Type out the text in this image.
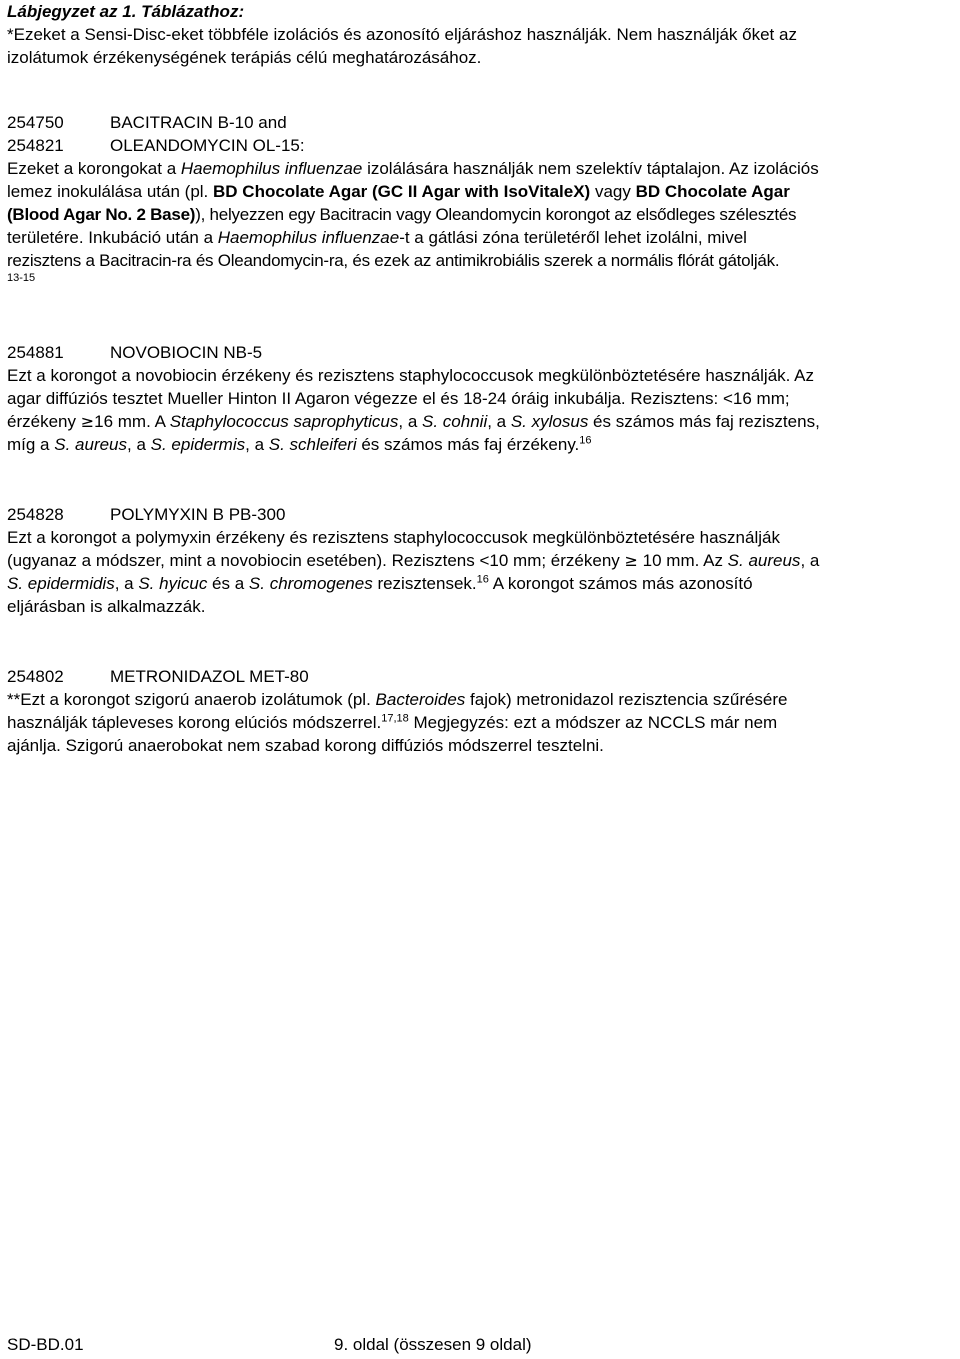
Lábjegyzet az 1. Táblázathoz:
*Ezeket a Sensi-Disc-eket többféle izolációs és azonosító eljáráshoz használják. Nem használják őket az
izolátumok érzékenységének terápiás célú meghatározásához.
254750	BACITRACIN B-10 and
254821	OLEANDOMYCIN OL-15:
Ezeket a korongokat a Haemophilus influenzae izolálására használják nem szelektív táptalajon. Az izolációs
lemez inokulálása után (pl. BD Chocolate Agar (GC II Agar with IsoVitaleX) vagy BD Chocolate Agar
(Blood Agar No. 2 Base)), helyezzen egy Bacitracin vagy Oleandomycin korongot az elsődleges szélesztés
területére. Inkubáció után a Haemophilus influenzae-t a gátlási zóna területéről lehet izolálni, mivel
rezisztens a Bacitracin-ra és Oleandomycin-ra, és ezek az antimikrobiális szerek a normális flórát gátolják.
13-15
254881	NOVOBIOCIN NB-5
Ezt a korongot a novobiocin érzékeny és rezisztens staphylococcusok megkülönböztetésére használják. Az
agar diffúziós tesztet Mueller Hinton II Agaron végezze el és 18-24 óráig inkubálja. Rezisztens: <16 mm;
érzékeny ≥16 mm. A Staphylococcus saprophyticus, a S. cohnii, a S. xylosus és számos más faj rezisztens,
míg a S. aureus, a S. epidermis, a S. schleiferi és számos más faj érzékeny.$^{16}$
254828	POLYMYXIN B PB-300
Ezt a korongot a polymyxin érzékeny és rezisztens staphylococcusok megkülönböztetésére használják
(ugyanaz a módszer, mint a novobiocin esetében). Rezisztens <10 mm; érzékeny ≥ 10 mm. Az S. aureus, a
S. epidermidis, a S. hyicuc és a S. chromogenes rezisztensek.$^{16}$ A korongot számos más azonosító
eljárásban is alkalmazzák.
254802	METRONIDAZOL MET-80
**Ezt a korongot szigorú anaerob izolátumok (pl. Bacteroides fajok) metronidazol rezisztencia szűrésére
használják tápleveses korong elúciós módszerrel.$^{17,18}$ Megjegyzés: ezt a módszer az NCCLS már nem
ajánlja. Szigorú anaerobokat nem szabad korong diffúziós módszerrel tesztelni.
SD-BD.01	9. oldal (összesen 9 oldal)
